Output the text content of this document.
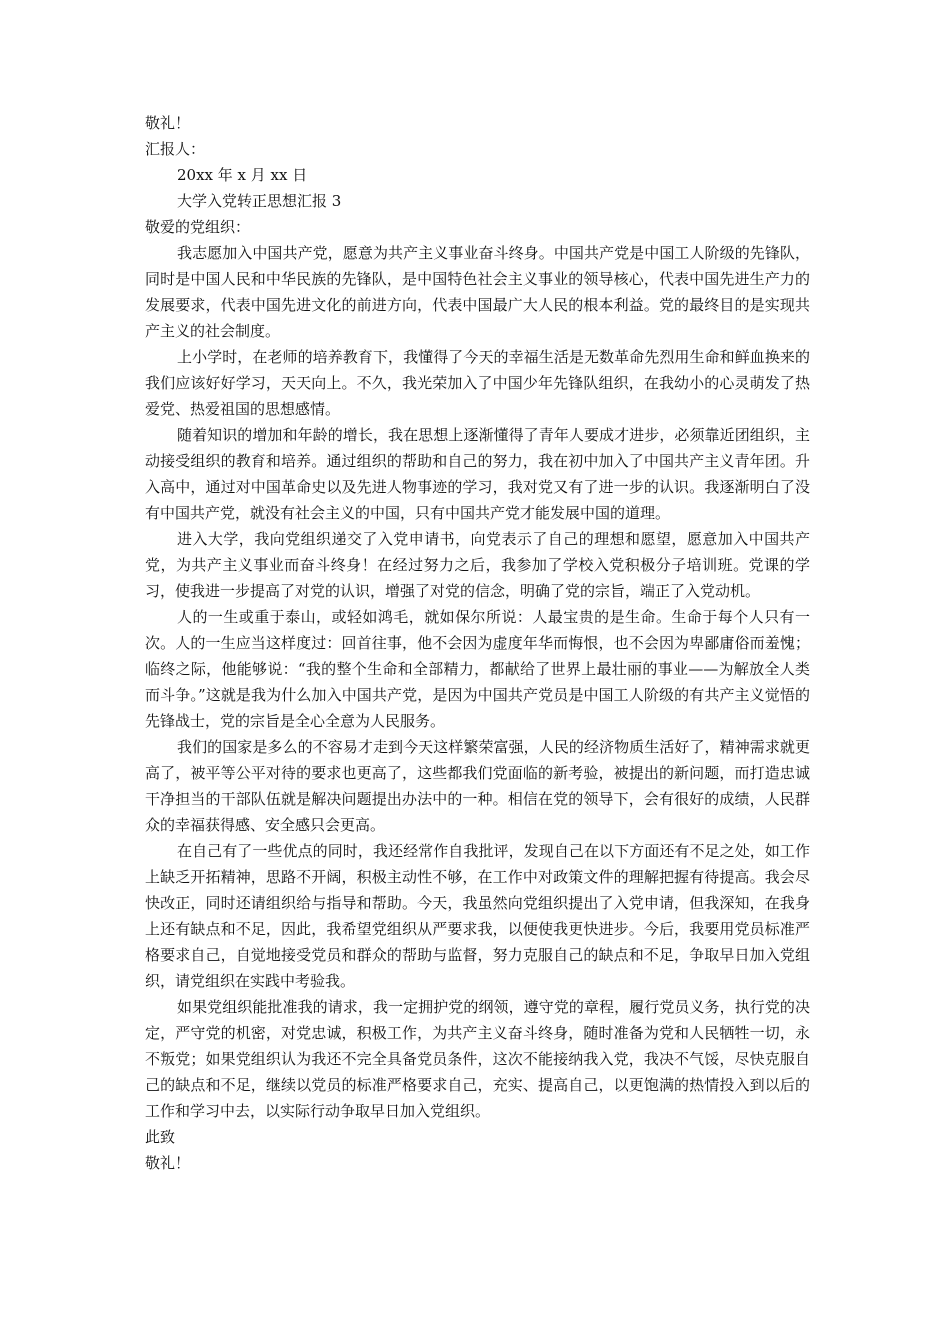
敬礼！
汇报人：
20xx 年 x 月 xx 日
大学入党转正思想汇报 3
敬爱的党组织：
我志愿加入中国共产党，愿意为共产主义事业奋斗终身。中国共产党是中国工人阶级的先锋队，同时是中国人民和中华民族的先锋队，是中国特色社会主义事业的领导核心，代表中国先进生产力的发展要求，代表中国先进文化的前进方向，代表中国最广大人民的根本利益。党的最终目的是实现共产主义的社会制度。
上小学时，在老师的培养教育下，我懂得了今天的幸福生活是无数革命先烈用生命和鲜血换来的我们应该好好学习，天天向上。不久，我光荣加入了中国少年先锋队组织，在我幼小的心灵萌发了热爱党、热爱祖国的思想感情。
随着知识的增加和年龄的增长，我在思想上逐渐懂得了青年人要成才进步，必须靠近团组织，主动接受组织的教育和培养。通过组织的帮助和自己的努力，我在初中加入了中国共产主义青年团。升入高中，通过对中国革命史以及先进人物事迹的学习，我对党又有了进一步的认识。我逐渐明白了没有中国共产党，就没有社会主义的中国，只有中国共产党才能发展中国的道理。
进入大学，我向党组织递交了入党申请书，向党表示了自己的理想和愿望，愿意加入中国共产党，为共产主义事业而奋斗终身！在经过努力之后，我参加了学校入党积极分子培训班。党课的学习，使我进一步提高了对党的认识，增强了对党的信念，明确了党的宗旨，端正了入党动机。
人的一生或重于泰山，或轻如鸿毛，就如保尔所说：人最宝贵的是生命。生命于每个人只有一次。人的一生应当这样度过：回首往事，他不会因为虚度年华而悔恨，也不会因为卑鄙庸俗而羞愧；临终之际，他能够说：“我的整个生命和全部精力，都献给了世界上最壮丽的事业——为解放全人类而斗争。”这就是我为什么加入中国共产党，是因为中国共产党员是中国工人阶级的有共产主义觉悟的先锋战士，党的宗旨是全心全意为人民服务。
我们的国家是多么的不容易才走到今天这样繁荣富强，人民的经济物质生活好了，精神需求就更高了，被平等公平对待的要求也更高了，这些都我们党面临的新考验，被提出的新问题，而打造忠诚干净担当的干部队伍就是解决问题提出办法中的一种。相信在党的领导下，会有很好的成绩，人民群众的幸福获得感、安全感只会更高。
在自己有了一些优点的同时，我还经常作自我批评，发现自己在以下方面还有不足之处，如工作上缺乏开拓精神，思路不开阔，积极主动性不够，在工作中对政策文件的理解把握有待提高。我会尽快改正，同时还请组织给与指导和帮助。今天，我虽然向党组织提出了入党申请，但我深知，在我身上还有缺点和不足，因此，我希望党组织从严要求我，以便使我更快进步。今后，我要用党员标准严格要求自己，自觉地接受党员和群众的帮助与监督，努力克服自己的缺点和不足，争取早日加入党组织，请党组织在实践中考验我。
如果党组织能批准我的请求，我一定拥护党的纲领，遵守党的章程，履行党员义务，执行党的决定，严守党的机密，对党忠诚，积极工作，为共产主义奋斗终身，随时准备为党和人民牺牲一切，永不叛党；如果党组织认为我还不完全具备党员条件，这次不能接纳我入党，我决不气馁，尽快克服自己的缺点和不足，继续以党员的标准严格要求自己，充实、提高自己，以更饱满的热情投入到以后的工作和学习中去，以实际行动争取早日加入党组织。
此致
敬礼！
